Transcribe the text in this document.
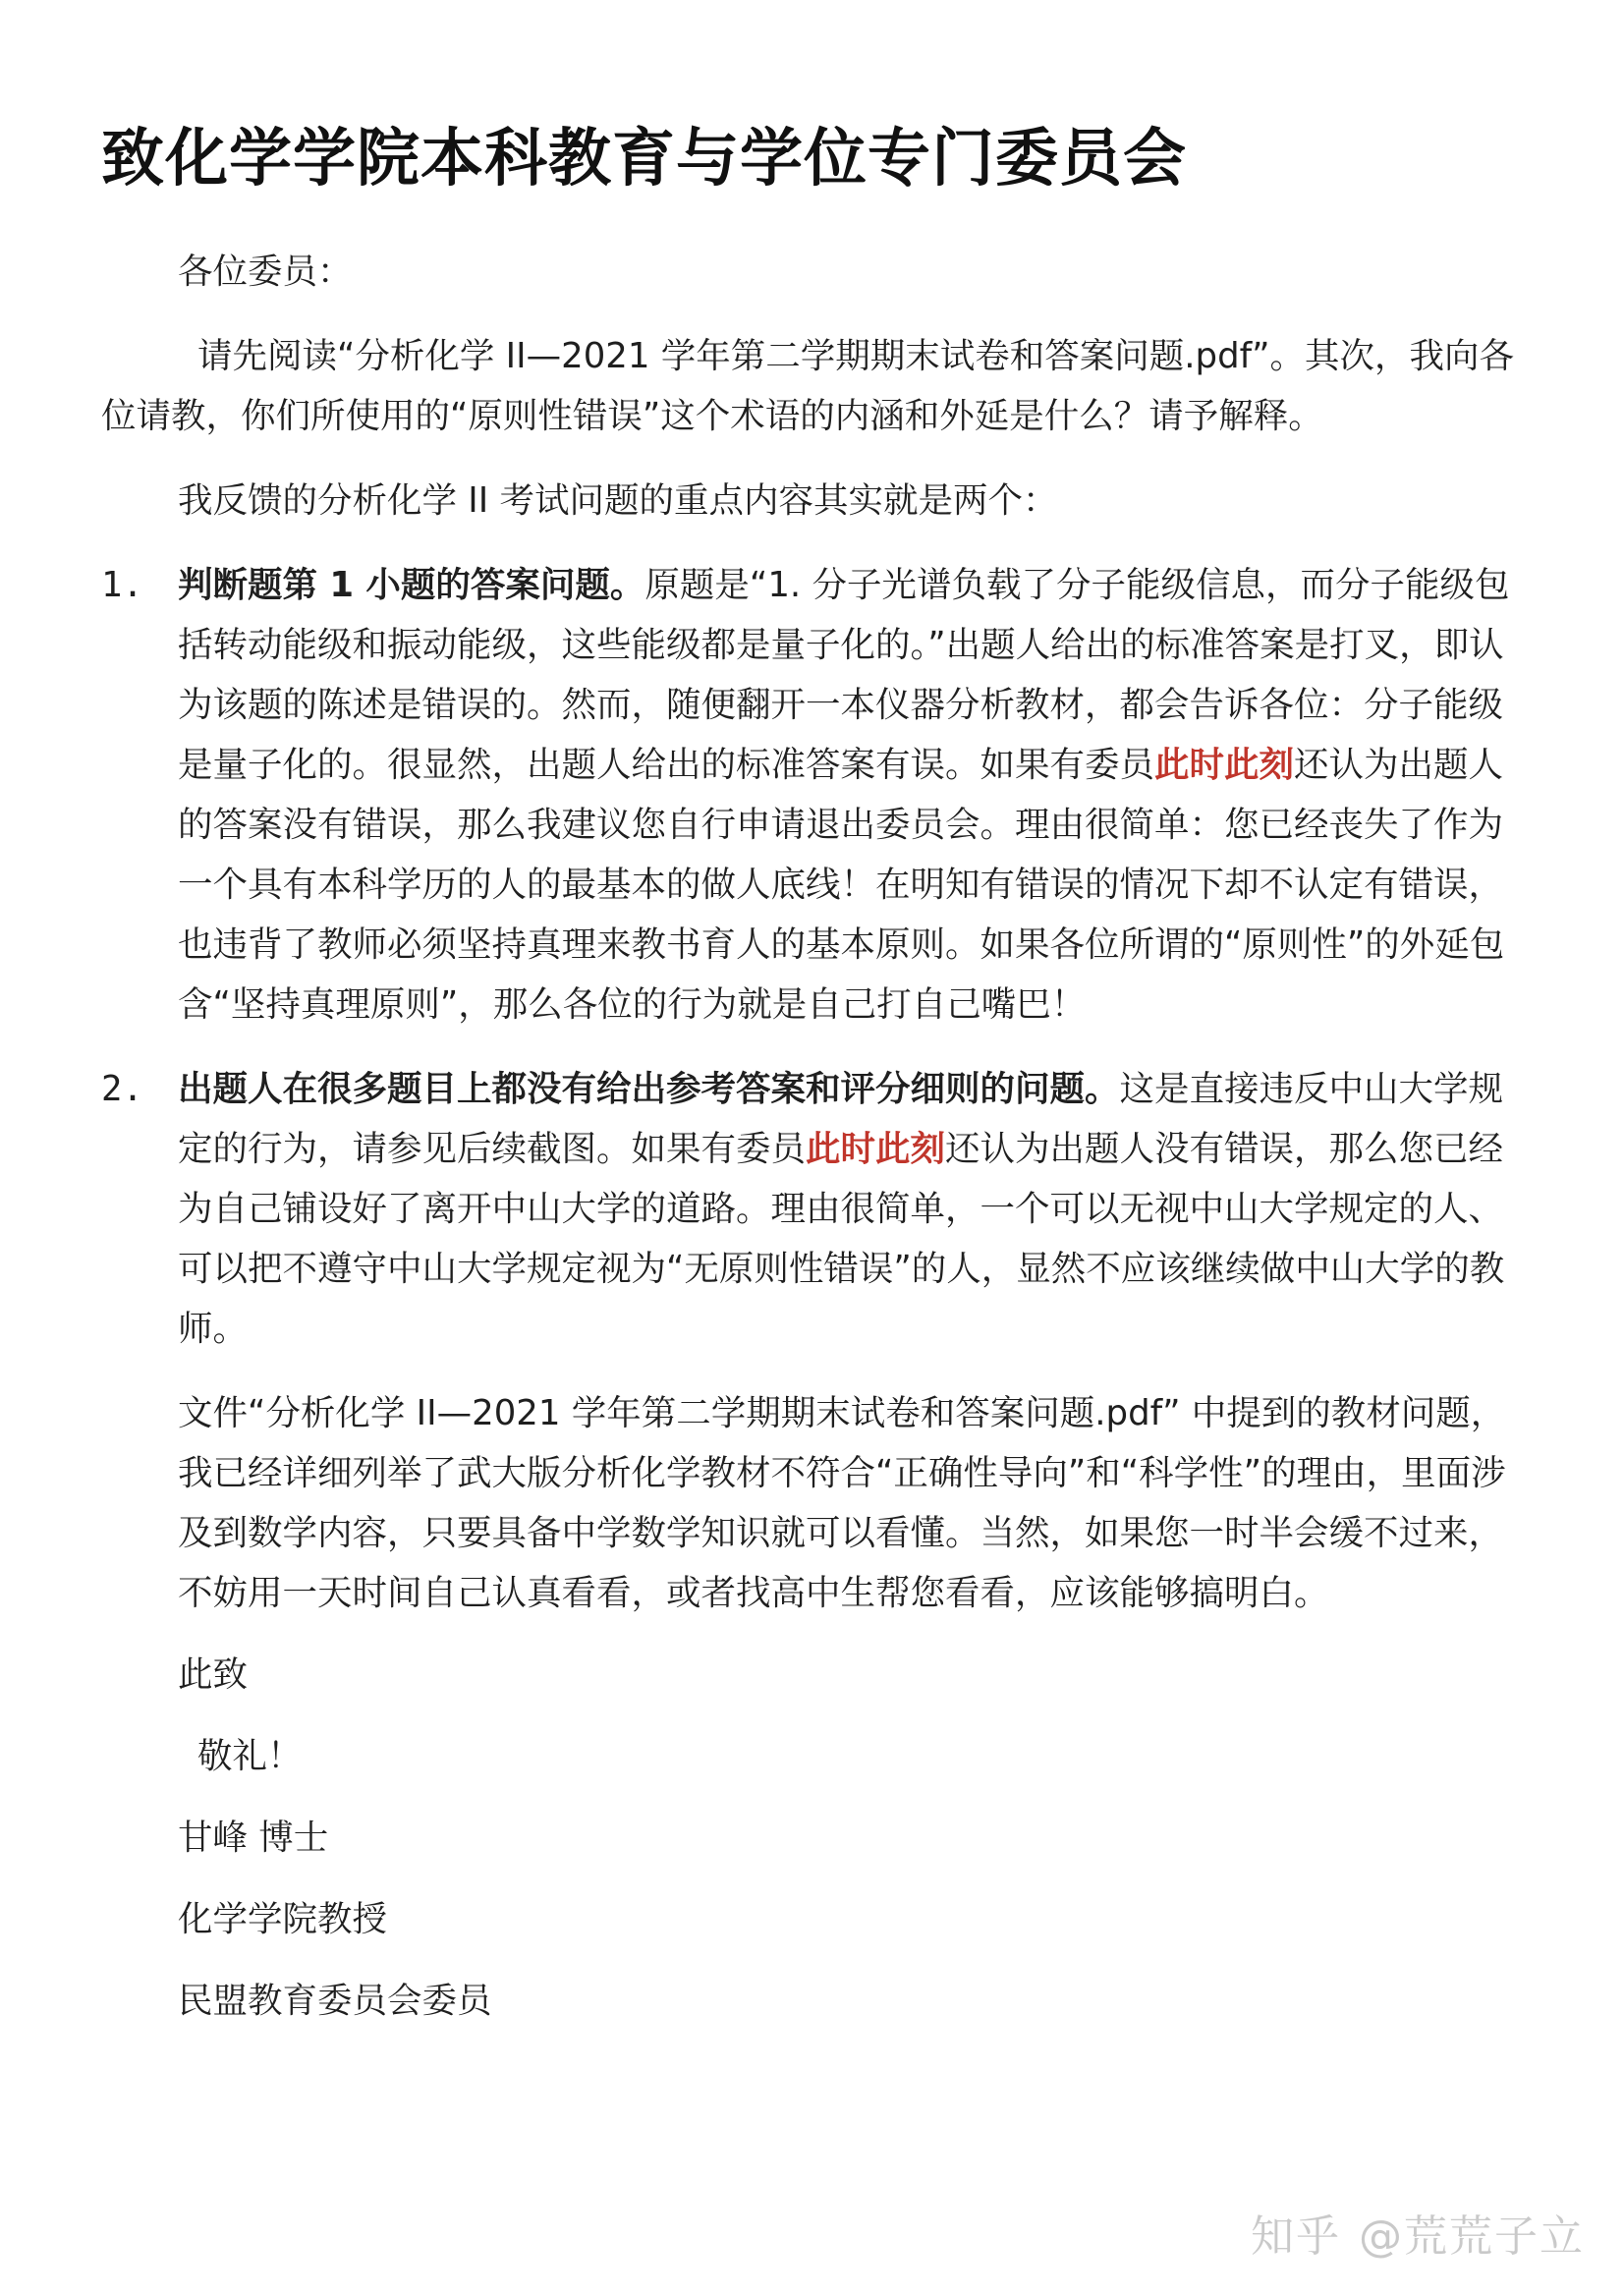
致化学学院本科教育与学位专门委员会

各位委员：

请先阅读“分析化学 II—2021 学年第二学期期末试卷和答案问题.pdf”。其次，我向各位请教，你们所使用的“原则性错误”这个术语的内涵和外延是什么？请予解释。

我反馈的分析化学 II 考试问题的重点内容其实就是两个：

1. 判断题第 1 小题的答案问题。原题是“1. 分子光谱负载了分子能级信息，而分子能级包括转动能级和振动能级，这些能级都是量子化的。”出题人给出的标准答案是打叉，即认为该题的陈述是错误的。然而，随便翻开一本仪器分析教材，都会告诉各位：分子能级是量子化的。很显然，出题人给出的标准答案有误。如果有委员此时此刻还认为出题人的答案没有错误，那么我建议您自行申请退出委员会。理由很简单：您已经丧失了作为一个具有本科学历的人的最基本的做人底线！在明知有错误的情况下却不认定有错误，也违背了教师必须坚持真理来教书育人的基本原则。如果各位所谓的“原则性”的外延包含“坚持真理原则”，那么各位的行为就是自己打自己嘴巴！
2. 出题人在很多题目上都没有给出参考答案和评分细则的问题。这是直接违反中山大学规定的行为，请参见后续截图。如果有委员此时此刻还认为出题人没有错误，那么您已经为自己铺设好了离开中山大学的道路。理由很简单，一个可以无视中山大学规定的人、可以把不遵守中山大学规定视为“无原则性错误”的人，显然不应该继续做中山大学的教师。

文件“分析化学 II—2021 学年第二学期期末试卷和答案问题.pdf” 中提到的教材问题，我已经详细列举了武大版分析化学教材不符合“正确性导向”和“科学性”的理由，里面涉及到数学内容，只要具备中学数学知识就可以看懂。当然，如果您一时半会缓不过来，不妨用一天时间自己认真看看，或者找高中生帮您看看，应该能够搞明白。

此致

敬礼！

甘峰 博士

化学学院教授

民盟教育委员会委员

知乎 @荒荒子立
